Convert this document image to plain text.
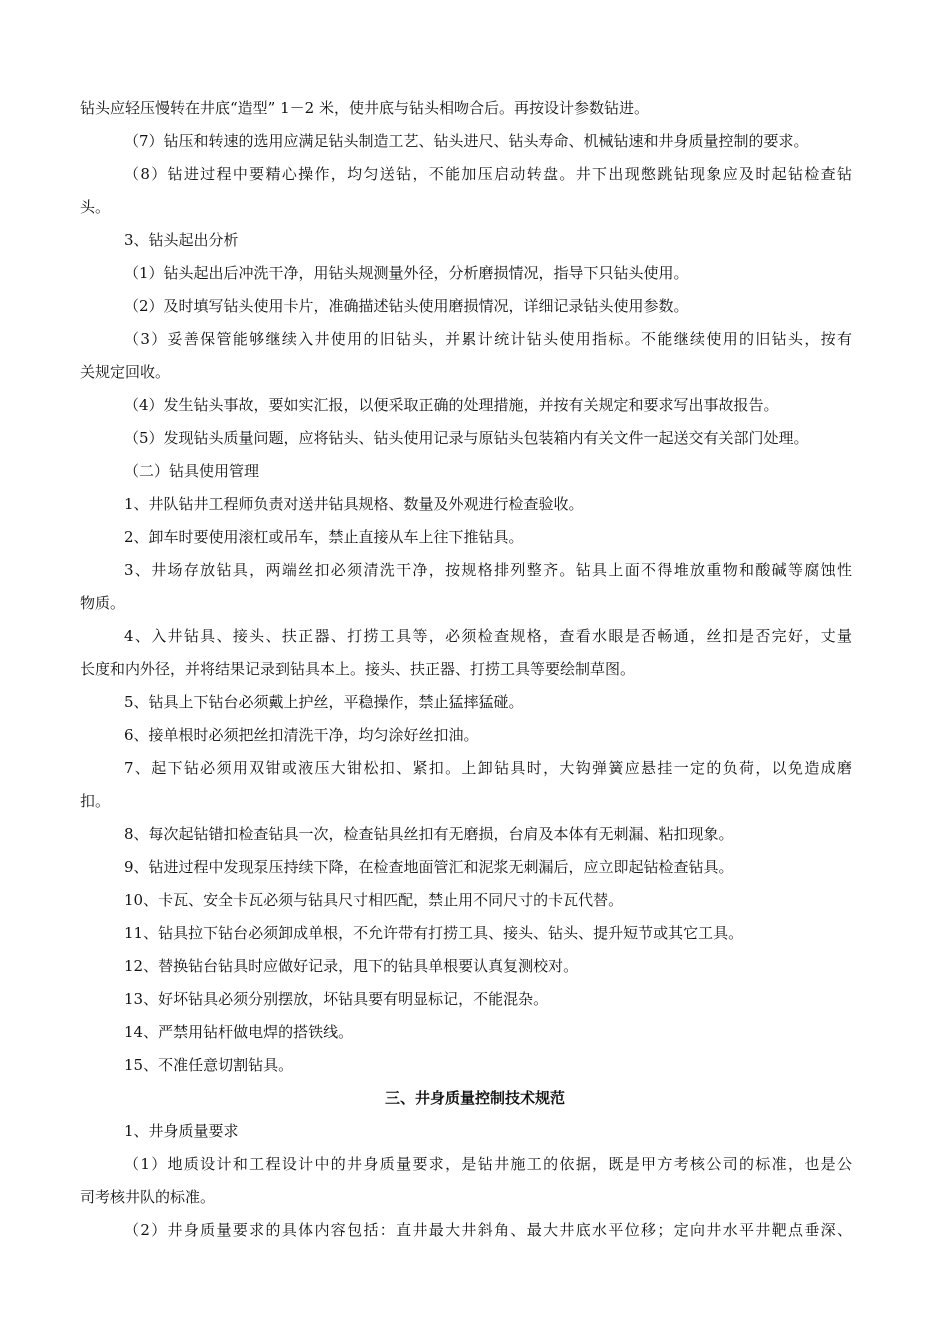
钻头应轻压慢转在井底“造型” 1－2 米，使井底与钻头相吻合后。再按设计参数钻进。
（7）钻压和转速的选用应满足钻头制造工艺、钻头进尺、钻头寿命、机械钻速和井身质量控制的要求。
（8）钻进过程中要精心操作，均匀送钻，不能加压启动转盘。井下出现憋跳钻现象应及时起钻检查钻
头。
3、钻头起出分析
（1）钻头起出后冲洗干净，用钻头规测量外径，分析磨损情况，指导下只钻头使用。
（2）及时填写钻头使用卡片，准确描述钻头使用磨损情况，详细记录钻头使用参数。
（3）妥善保管能够继续入井使用的旧钻头，并累计统计钻头使用指标。不能继续使用的旧钻头，按有
关规定回收。
（4）发生钻头事故，要如实汇报，以便采取正确的处理措施，并按有关规定和要求写出事故报告。
（5）发现钻头质量问题，应将钻头、钻头使用记录与原钻头包装箱内有关文件一起送交有关部门处理。
（二）钻具使用管理
1、井队钻井工程师负责对送井钻具规格、数量及外观进行检查验收。
2、卸车时要使用滚杠或吊车，禁止直接从车上往下推钻具。
3、井场存放钻具，两端丝扣必须清洗干净，按规格排列整齐。钻具上面不得堆放重物和酸碱等腐蚀性
物质。
4、入井钻具、接头、扶正器、打捞工具等，必须检查规格，查看水眼是否畅通，丝扣是否完好，丈量
长度和内外径，并将结果记录到钻具本上。接头、扶正器、打捞工具等要绘制草图。
5、钻具上下钻台必须戴上护丝，平稳操作，禁止猛摔猛碰。
6、接单根时必须把丝扣清洗干净，均匀涂好丝扣油。
7、起下钻必须用双钳或液压大钳松扣、紧扣。上卸钻具时，大钩弹簧应悬挂一定的负荷，以免造成磨
扣。
8、每次起钻错扣检查钻具一次，检查钻具丝扣有无磨损，台肩及本体有无刺漏、粘扣现象。
9、钻进过程中发现泵压持续下降，在检查地面管汇和泥浆无刺漏后，应立即起钻检查钻具。
10、卡瓦、安全卡瓦必须与钻具尺寸相匹配，禁止用不同尺寸的卡瓦代替。
11、钻具拉下钻台必须卸成单根，不允许带有打捞工具、接头、钻头、提升短节或其它工具。
12、替换钻台钻具时应做好记录，甩下的钻具单根要认真复测校对。
13、好坏钻具必须分别摆放，坏钻具要有明显标记，不能混杂。
14、严禁用钻杆做电焊的搭铁线。
15、不准任意切割钻具。
三、井身质量控制技术规范
1、井身质量要求
（1）地质设计和工程设计中的井身质量要求，是钻井施工的依据，既是甲方考核公司的标准，也是公
司考核井队的标准。
（2）井身质量要求的具体内容包括：直井最大井斜角、最大井底水平位移；定向井水平井靶点垂深、
